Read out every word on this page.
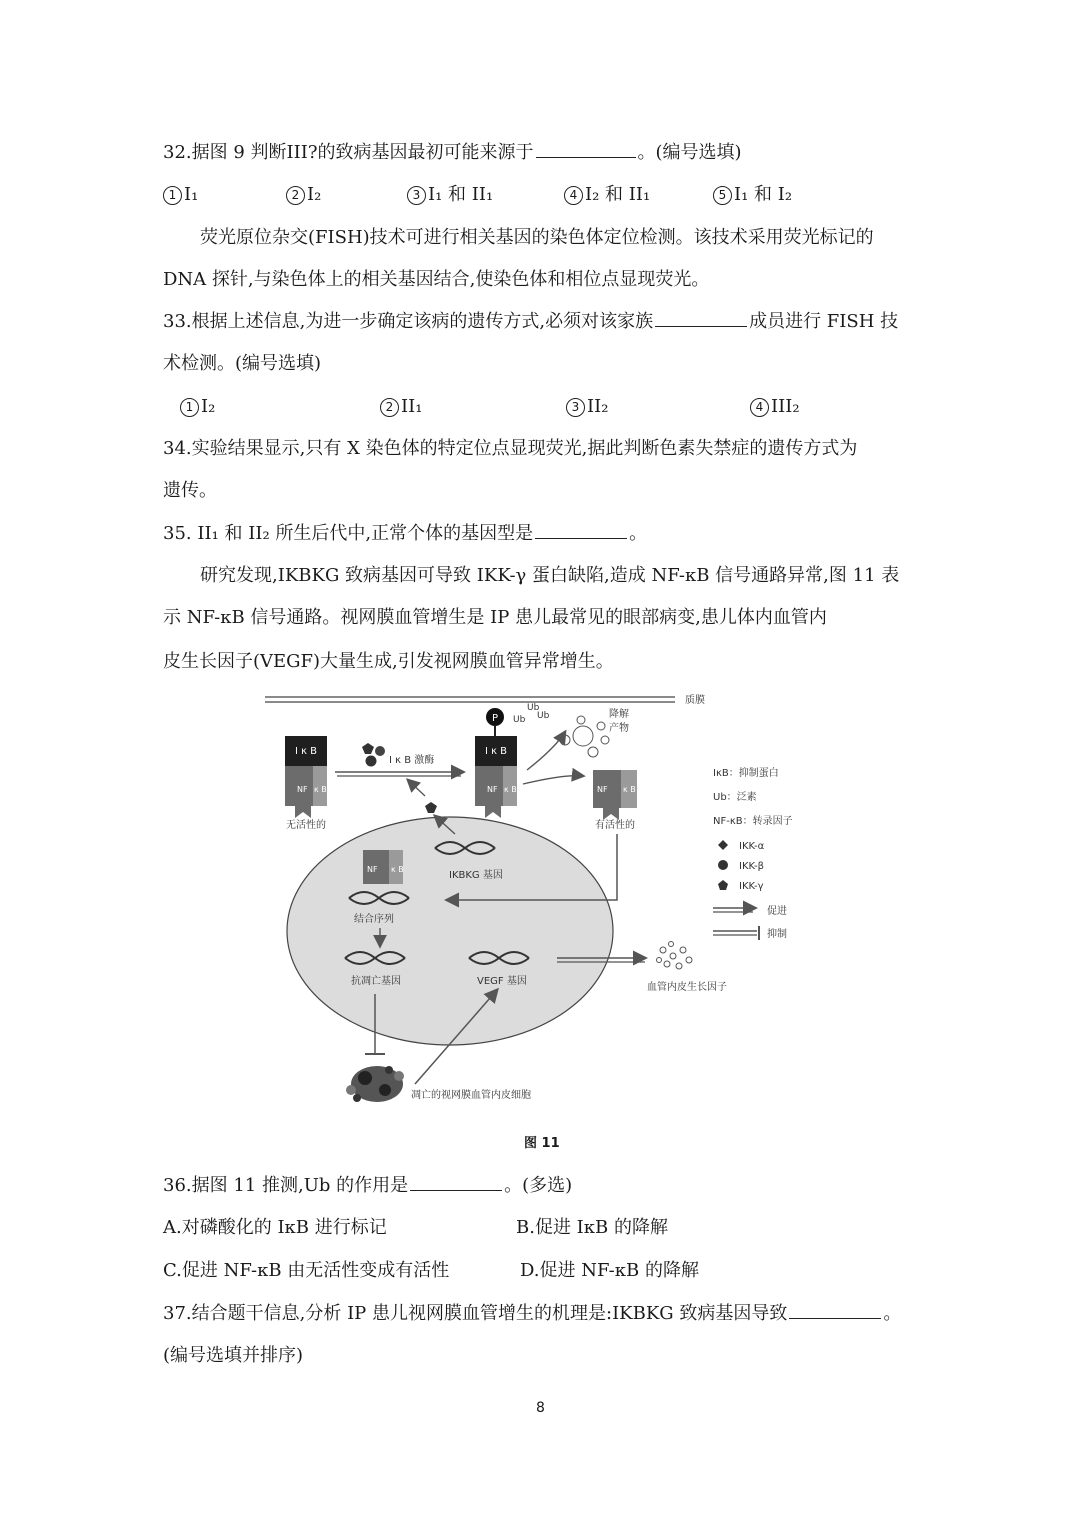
32.据图 9 判断III?的致病基因最初可能来源于	。(编号选填)
1 I₁	2 I₂	3 I₁ 和 II₁	4 I₂ 和 II₁	5 I₁ 和 I₂
荧光原位杂交(FISH)技术可进行相关基因的染色体定位检测。该技术采用荧光标记的
DNA 探针,与染色体上的相关基因结合,使染色体和相位点显现荧光。
33.根据上述信息,为进一步确定该病的遗传方式,必须对该家族	成员进行 FISH 技
术检测。(编号选填)
1 I₂	2 II₁	3 II₂	4 III₂
34.实验结果显示,只有 X 染色体的特定位点显现荧光,据此判断色素失禁症的遗传方式为
遗传。
35. II₁ 和 II₂ 所生后代中,正常个体的基因型是	。
研究发现,IKBKG 致病基因可导致 IKK-γ 蛋白缺陷,造成 NF-κB 信号通路异常,图 11 表
示 NF-κB 信号通路。视网膜血管增生是 IP 患儿最常见的眼部病变,患儿体内血管内
皮生长因子(VEGF)大量生成,引发视网膜血管异常增生。
质膜
I κ B
NF κ B
无活性的
I κ B 激酶
P Ub
Ub
Ub
I κ B
NF κ B
降解
产物
NF κ B
有活性的
IKBKG 基因
NF κ B
结合序列
抗凋亡基因	VEGF 基因
血管内皮生长因子
凋亡的视网膜血管内皮细胞
IκB：抑制蛋白
Ub：泛素
NF-κB：转录因子
IKK-α
IKK-β
IKK-γ
促进
抑制
图 11
36.据图 11 推测,Ub 的作用是	。(多选)
A.对磷酸化的 IκB 进行标记	B.促进 IκB 的降解
C.促进 NF-κB 由无活性变成有活性	D.促进 NF-κB 的降解
37.结合题干信息,分析 IP 患儿视网膜血管增生的机理是:IKBKG 致病基因导致	。
(编号选填并排序)
8
